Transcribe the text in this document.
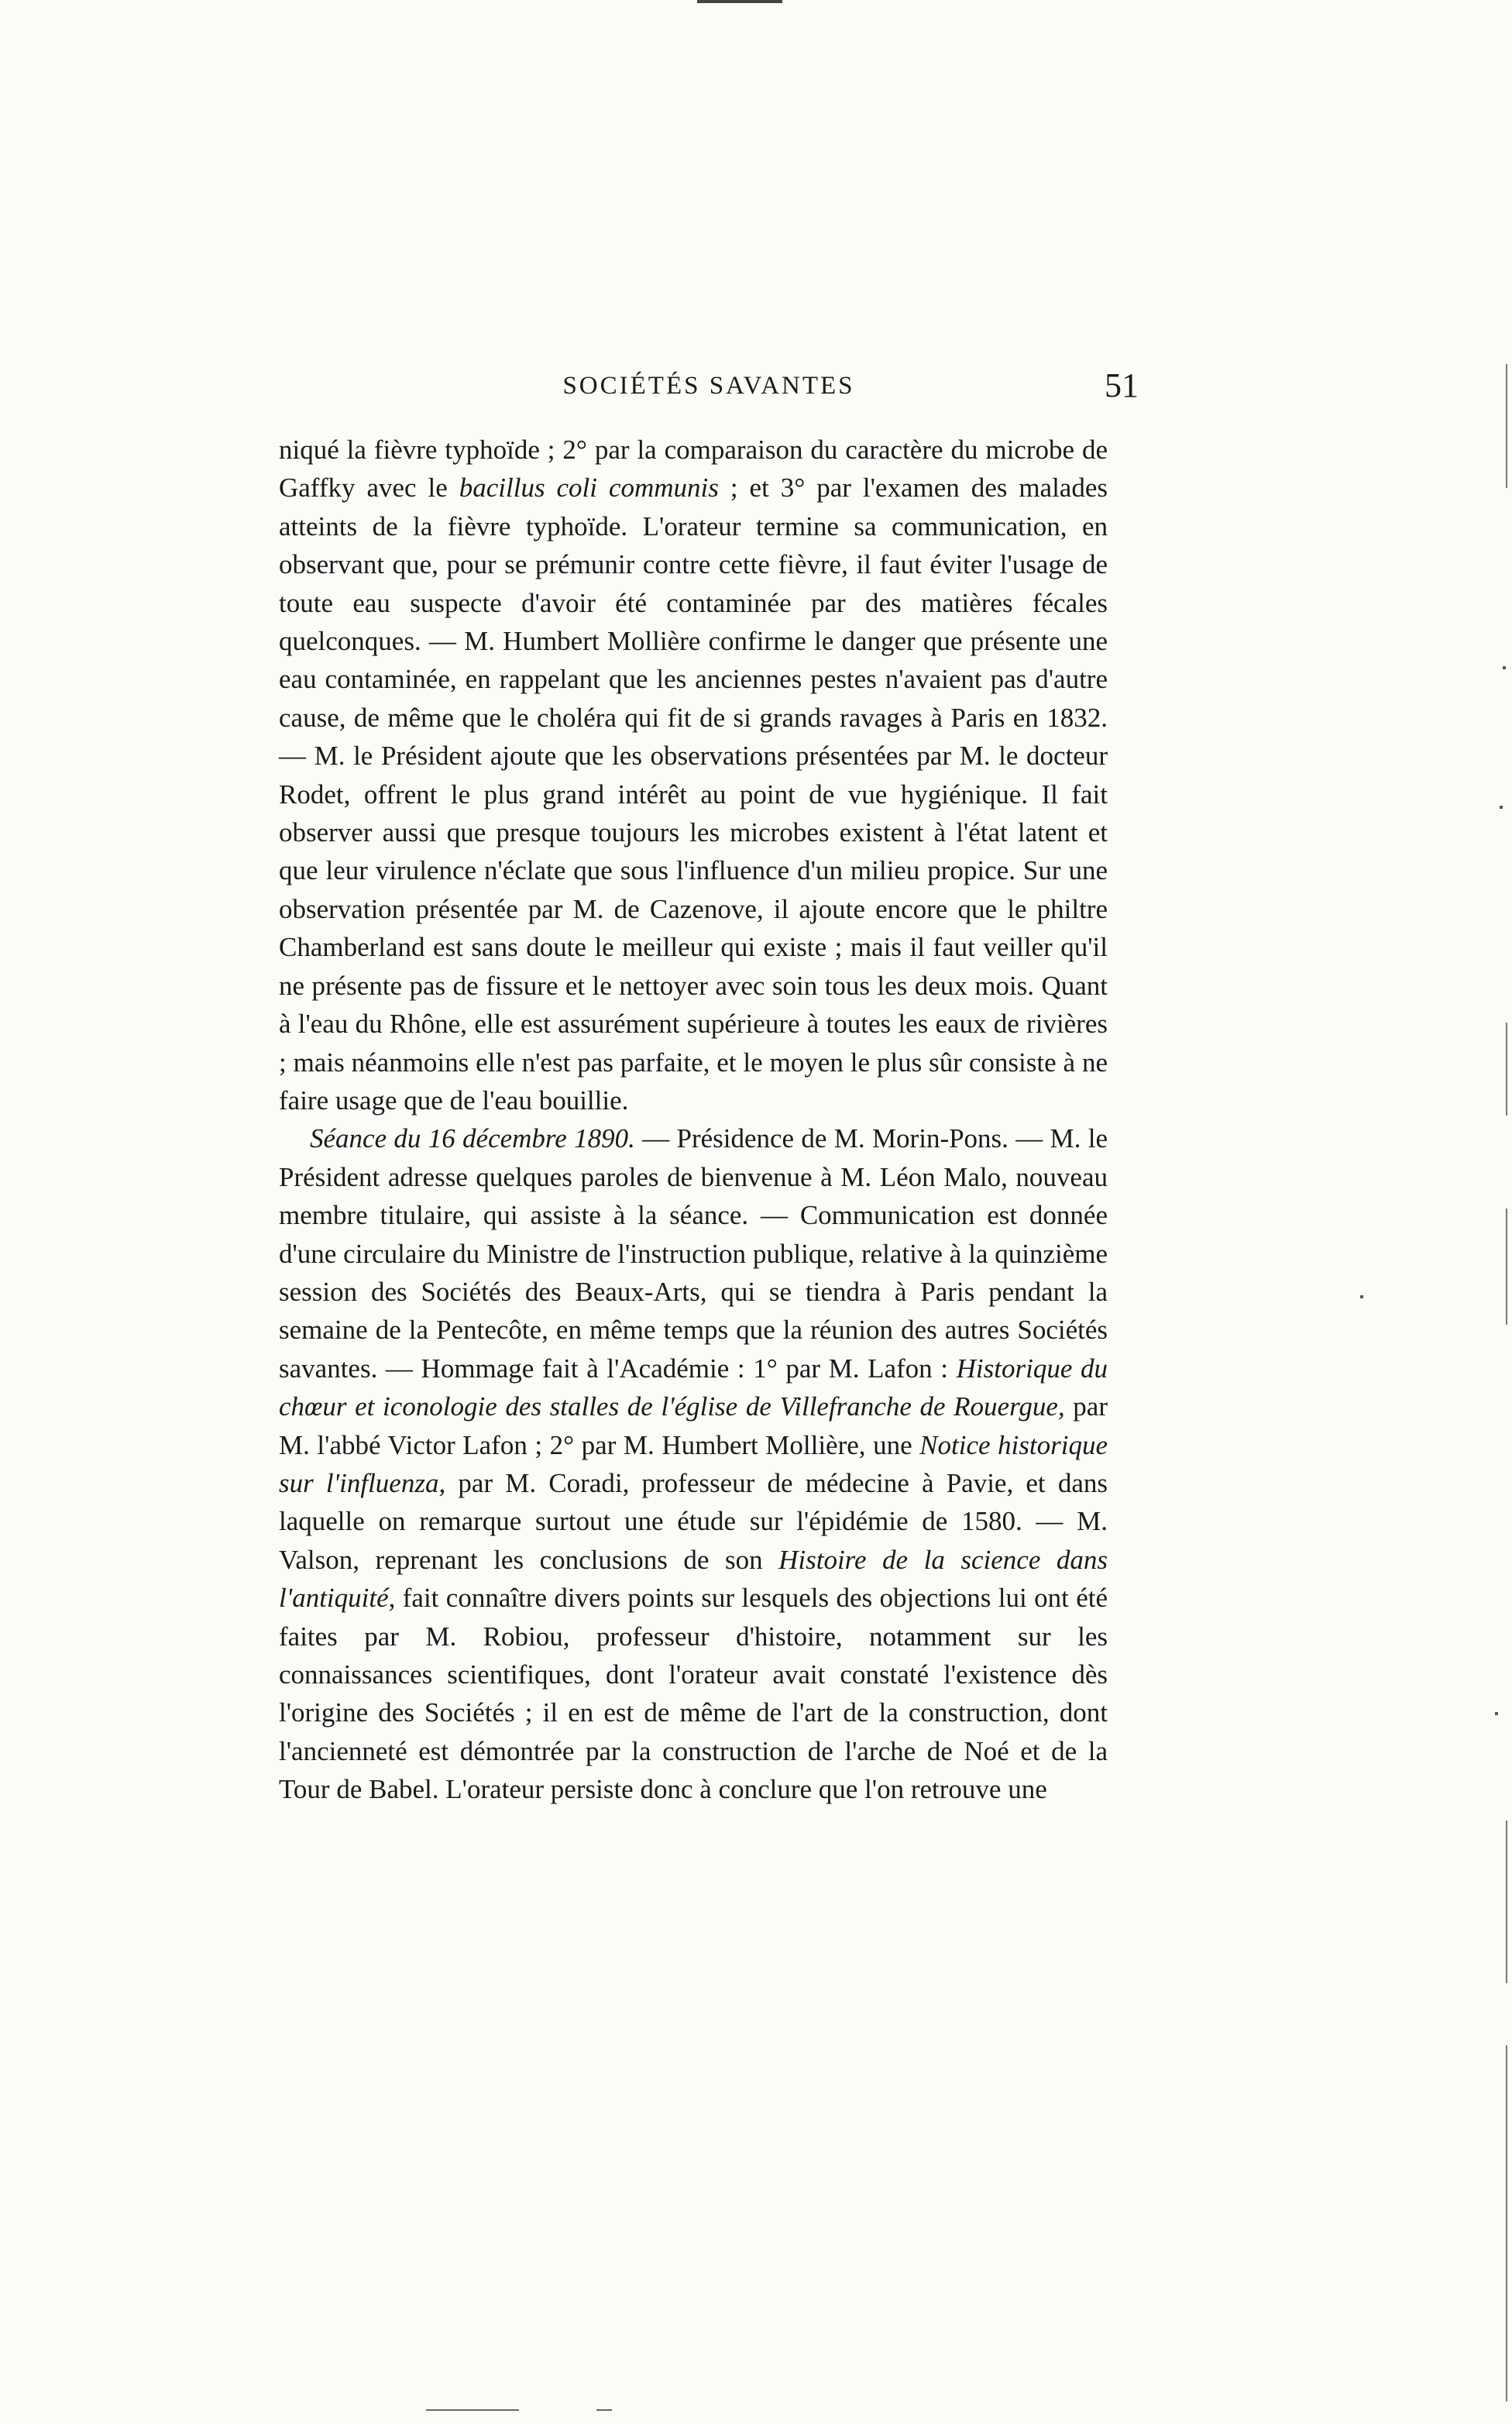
SOCIÉTÉS SAVANTES	51

niqué la fièvre typhoïde ; 2° par la comparaison du caractère du microbe de Gaffky avec le bacillus coli communis ; et 3° par l'examen des malades atteints de la fièvre typhoïde. L'orateur termine sa communication, en observant que, pour se prémunir contre cette fièvre, il faut éviter l'usage de toute eau suspecte d'avoir été contaminée par des matières fécales quelconques. — M. Humbert Mollière confirme le danger que présente une eau contaminée, en rappelant que les anciennes pestes n'avaient pas d'autre cause, de même que le choléra qui fit de si grands ravages à Paris en 1832. — M. le Président ajoute que les observations présentées par M. le docteur Rodet, offrent le plus grand intérêt au point de vue hygiénique. Il fait observer aussi que presque toujours les microbes existent à l'état latent et que leur virulence n'éclate que sous l'influence d'un milieu propice. Sur une observation présentée par M. de Cazenove, il ajoute encore que le philtre Chamberland est sans doute le meilleur qui existe ; mais il faut veiller qu'il ne présente pas de fissure et le nettoyer avec soin tous les deux mois. Quant à l'eau du Rhône, elle est assurément supérieure à toutes les eaux de rivières ; mais néanmoins elle n'est pas parfaite, et le moyen le plus sûr consiste à ne faire usage que de l'eau bouillie.

Séance du 16 décembre 1890. — Présidence de M. Morin-Pons. — M. le Président adresse quelques paroles de bienvenue à M. Léon Malo, nouveau membre titulaire, qui assiste à la séance. — Communication est donnée d'une circulaire du Ministre de l'instruction publique, relative à la quinzième session des Sociétés des Beaux-Arts, qui se tiendra à Paris pendant la semaine de la Pentecôte, en même temps que la réunion des autres Sociétés savantes. — Hommage fait à l'Académie : 1° par M. Lafon : Historique du chœur et iconologie des stalles de l'église de Villefranche de Rouergue, par M. l'abbé Victor Lafon ; 2° par M. Humbert Mollière, une Notice historique sur l'influenza, par M. Coradi, professeur de médecine à Pavie, et dans laquelle on remarque surtout une étude sur l'épidémie de 1580. — M. Valson, reprenant les conclusions de son Histoire de la science dans l'antiquité, fait connaître divers points sur lesquels des objections lui ont été faites par M. Robiou, professeur d'histoire, notamment sur les connaissances scientifiques, dont l'orateur avait constaté l'existence dès l'origine des Sociétés ; il en est de même de l'art de la construction, dont l'ancienneté est démontrée par la construction de l'arche de Noé et de la Tour de Babel. L'orateur persiste donc à conclure que l'on retrouve une
